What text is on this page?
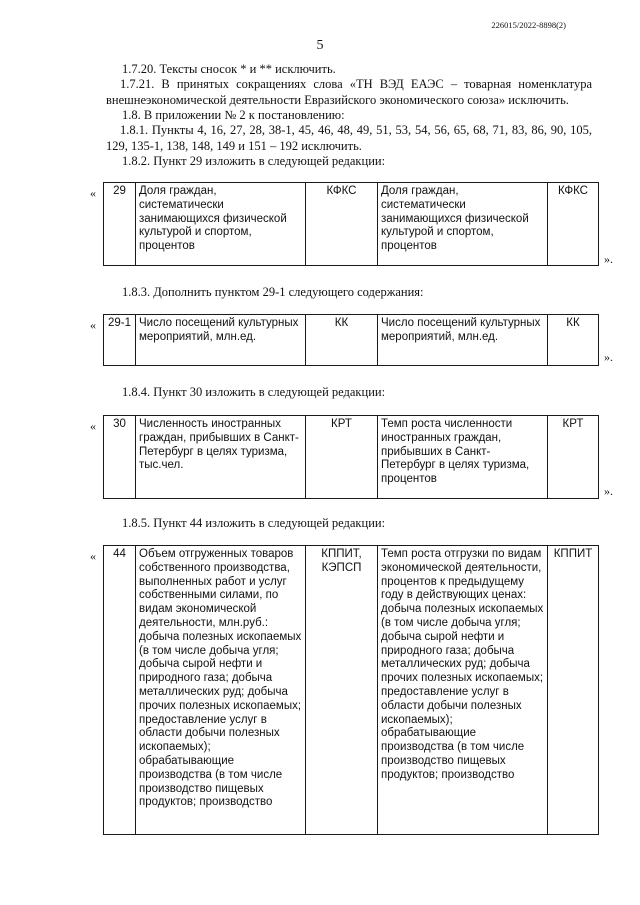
226015/2022-8898(2)
5
1.7.20. Тексты сносок * и ** исключить.
1.7.21. В принятых сокращениях слова «ТН ВЭД ЕАЭС – товарная номенклатура внешнеэкономической деятельности Евразийского экономического союза» исключить.
1.8. В приложении № 2 к постановлению:
1.8.1. Пункты 4, 16, 27, 28, 38-1, 45, 46, 48, 49, 51, 53, 54, 56, 65, 68, 71, 83, 86, 90, 105, 129, 135-1, 138, 148, 149 и 151 – 192 исключить.
1.8.2. Пункт 29 изложить в следующей редакции:
« 29	Доля граждан, систематически занимающихся физической культурой и спортом, процентов	КФКС	Доля граждан, систематически занимающихся физической культурой и спортом, процентов	КФКС
».
1.8.3. Дополнить пунктом 29-1 следующего содержания:
« 29-1	Число посещений культурных мероприятий, млн.ед.	КК	Число посещений культурных мероприятий, млн.ед.	КК
».
1.8.4. Пункт 30 изложить в следующей редакции:
« 30	Численность иностранных граждан, прибывших в Санкт-Петербург в целях туризма, тыс.чел.	КРТ	Темп роста численности иностранных граждан, прибывших в Санкт-Петербург в целях туризма, процентов	КРТ
».
1.8.5. Пункт 44 изложить в следующей редакции:
« 44	Объем отгруженных товаров собственного производства, выполненных работ и услуг собственными силами, по видам экономической деятельности, млн.руб.: добыча полезных ископаемых (в том числе добыча угля; добыча сырой нефти и природного газа; добыча металлических руд; добыча прочих полезных ископаемых; предоставление услуг в области добычи полезных ископаемых); обрабатывающие производства (в том числе производство пищевых продуктов; производство	КППИТ, КЭПСП	Темп роста отгрузки по видам экономической деятельности, процентов к предыдущему году в действующих ценах: добыча полезных ископаемых (в том числе добыча угля; добыча сырой нефти и природного газа; добыча металлических руд; добыча прочих полезных ископаемых; предоставление услуг в области добычи полезных ископаемых); обрабатывающие производства (в том числе производство пищевых продуктов; производство	КППИТ
